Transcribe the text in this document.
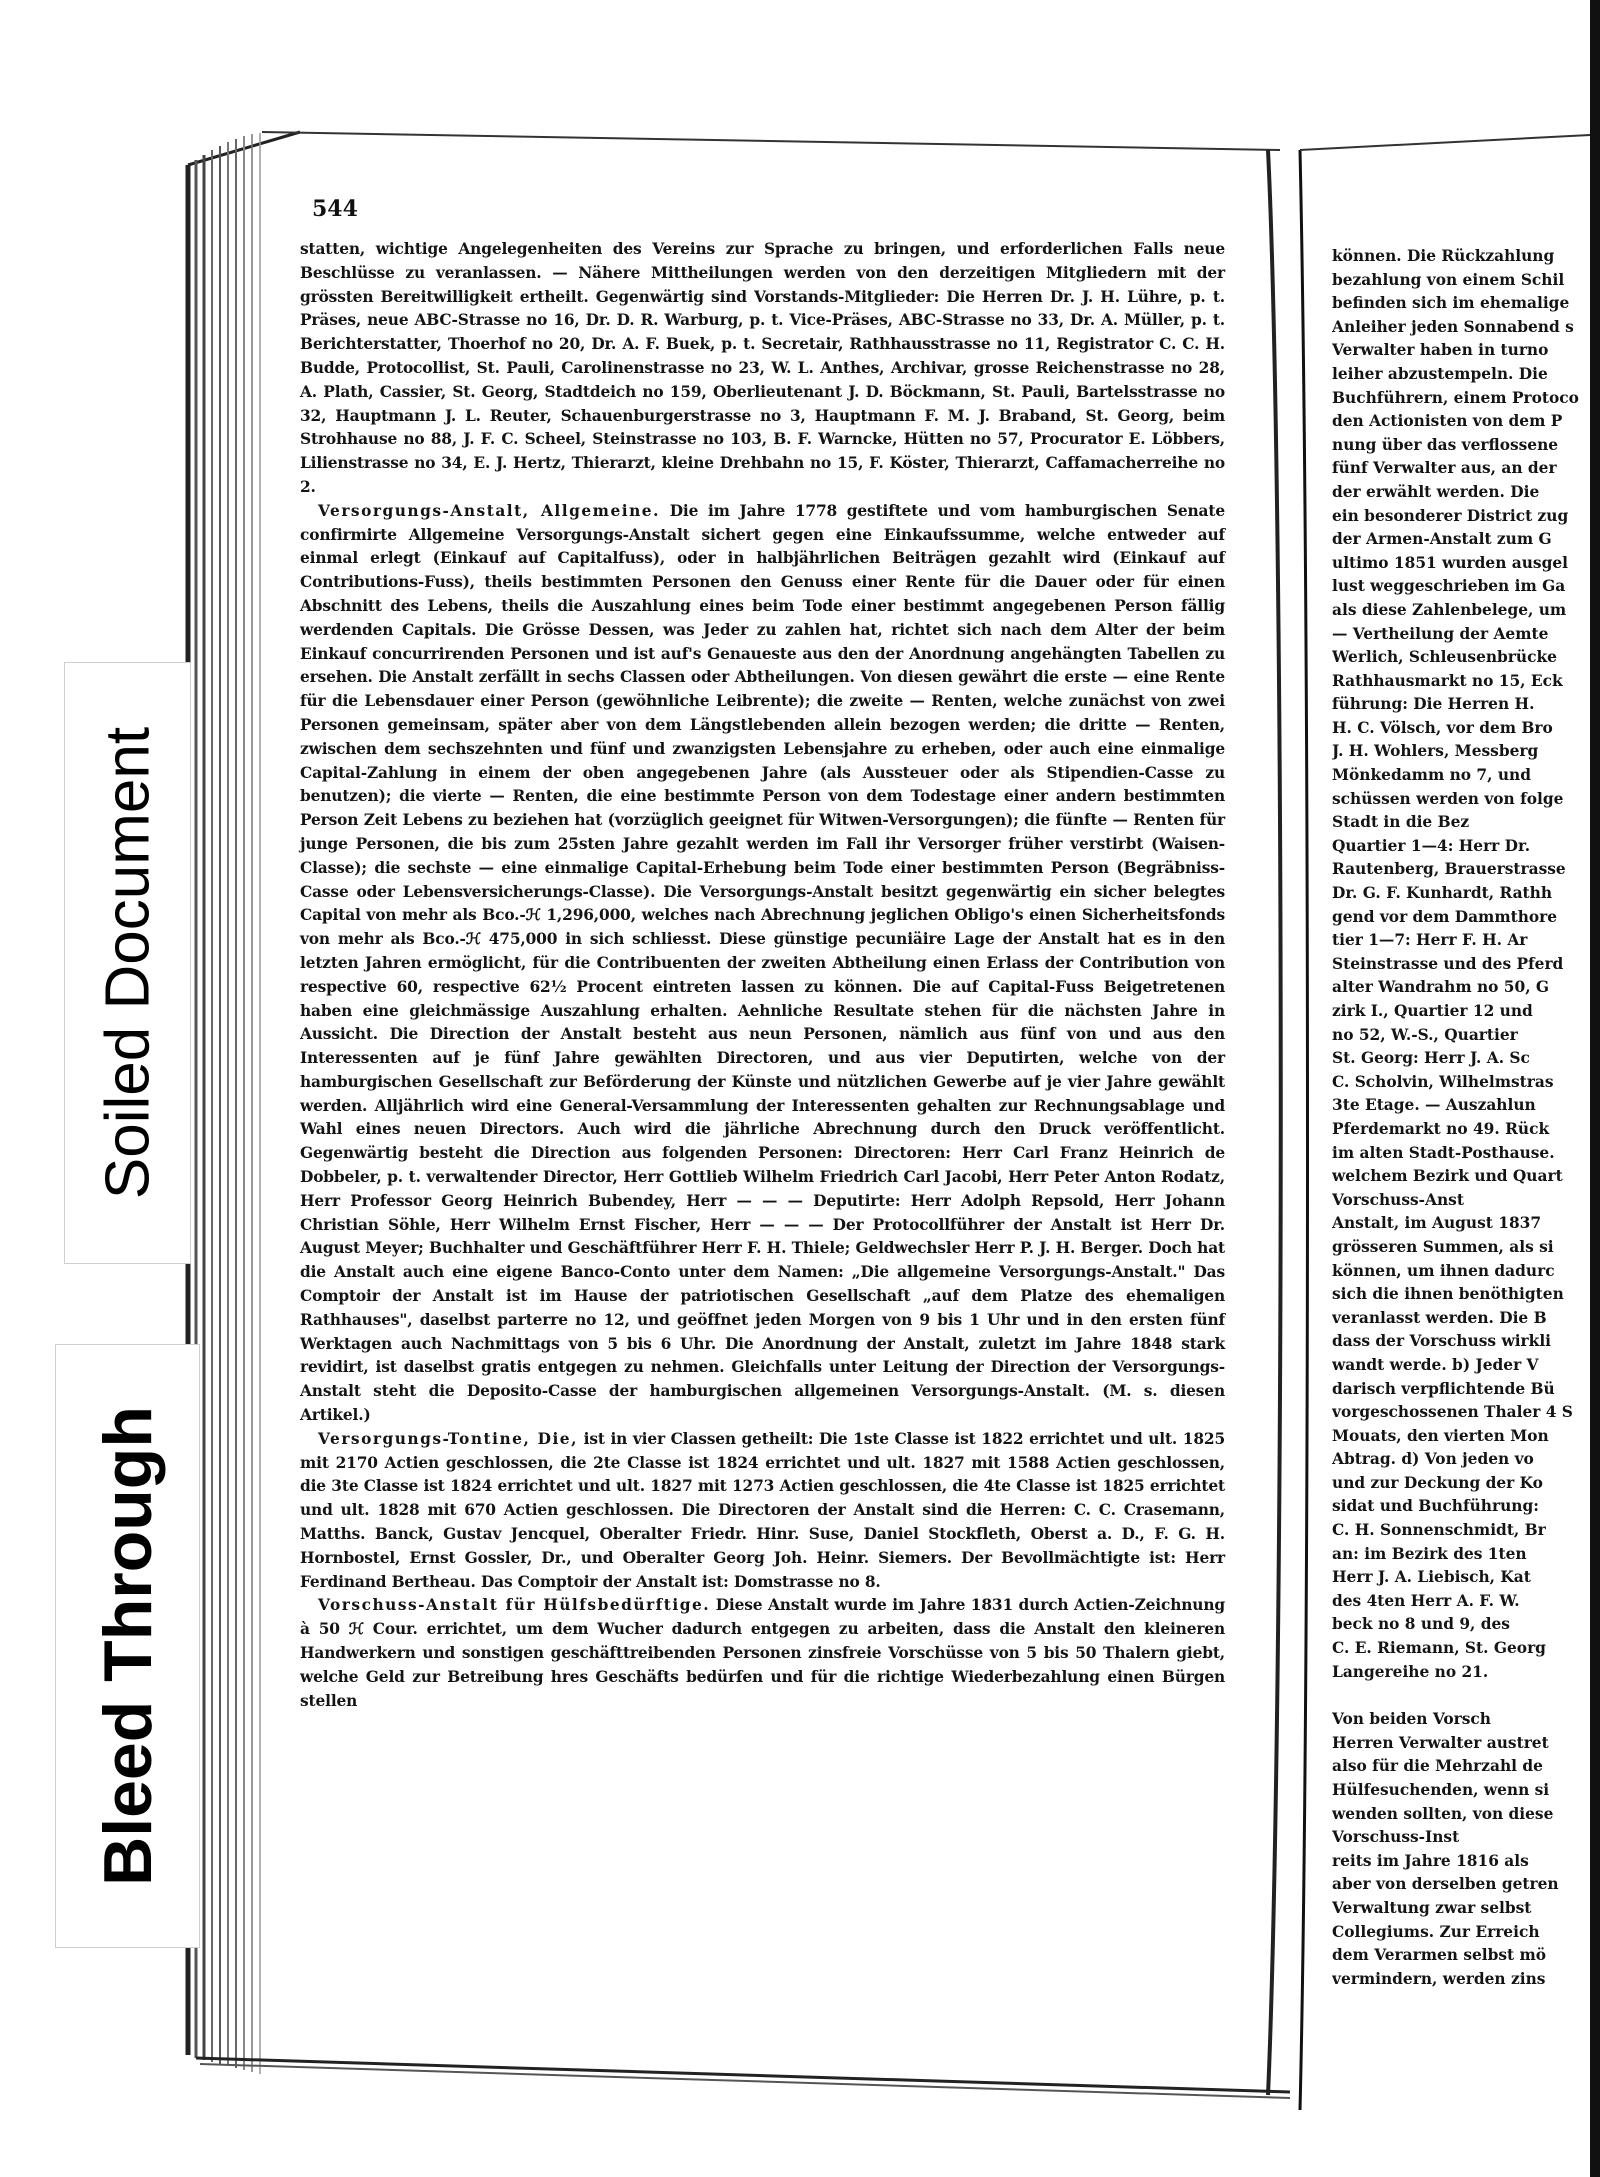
544

statten, wichtige Angelegenheiten des Vereins zur Sprache zu bringen, und erforderlichen Falls neue Beschlüsse zu veranlassen. — Nähere Mittheilungen werden von den derzeitigen Mitgliedern mit der grössten Bereitwilligkeit ertheilt. Gegenwärtig sind Vorstands-Mitglieder: Die Herren Dr. J. H. Lühre, p. t. Präses, neue ABC-Strasse no 16, Dr. D. R. Warburg, p. t. Vice-Präses, ABC-Strasse no 33, Dr. A. Müller, p. t. Berichterstatter, Thoerhof no 20, Dr. A. F. Buek, p. t. Secretair, Rathhausstrasse no 11, Registrator C. C. H. Budde, Protocollist, St. Pauli, Carolinenstrasse no 23, W. L. Anthes, Archivar, grosse Reichenstrasse no 28, A. Plath, Cassier, St. Georg, Stadtdeich no 159, Oberlieutenant J. D. Böckmann, St. Pauli, Bartelsstrasse no 32, Hauptmann J. L. Reuter, Schauenburgerstrasse no 3, Hauptmann F. M. J. Braband, St. Georg, beim Strohhause no 88, J. F. C. Scheel, Steinstrasse no 103, B. F. Warncke, Hütten no 57, Procurator E. Löbbers, Lilienstrasse no 34, E. J. Hertz, Thierarzt, kleine Drehbahn no 15, F. Köster, Thierarzt, Caffamacherreihe no 2.

Versorgungs-Anstalt, Allgemeine. Die im Jahre 1778 gestiftete und vom hamburgischen Senate confirmirte Allgemeine Versorgungs-Anstalt sichert gegen eine Einkaufssumme, welche entweder auf einmal erlegt (Einkauf auf Capitalfuss), oder in halbjährlichen Beiträgen gezahlt wird (Einkauf auf Contributions-Fuss), theils bestimmten Personen den Genuss einer Rente für die Dauer oder für einen Abschnitt des Lebens, theils die Auszahlung eines beim Tode einer bestimmt angegebenen Person fällig werdenden Capitals. Die Grösse Dessen, was Jeder zu zahlen hat, richtet sich nach dem Alter der beim Einkauf concurrirenden Personen und ist auf's Genaueste aus den der Anordnung angehängten Tabellen zu ersehen. Die Anstalt zerfällt in sechs Classen oder Abtheilungen. Von diesen gewährt die erste — eine Rente für die Lebensdauer einer Person (gewöhnliche Leibrente); die zweite — Renten, welche zunächst von zwei Personen gemeinsam, später aber von dem Längstlebenden allein bezogen werden; die dritte — Renten, zwischen dem sechszehnten und fünf und zwanzigsten Lebensjahre zu erheben, oder auch eine einmalige Capital-Zahlung in einem der oben angegebenen Jahre (als Aussteuer oder als Stipendien-Casse zu benutzen); die vierte — Renten, die eine bestimmte Person von dem Todestage einer andern bestimmten Person Zeit Lebens zu beziehen hat (vorzüglich geeignet für Witwen-Versorgungen); die fünfte — Renten für junge Personen, die bis zum 25sten Jahre gezahlt werden im Fall ihr Versorger früher verstirbt (Waisen-Classe); die sechste — eine einmalige Capital-Erhebung beim Tode einer bestimmten Person (Begräbniss-Casse oder Lebensversicherungs-Classe). Die Versorgungs-Anstalt besitzt gegenwärtig ein sicher belegtes Capital von mehr als Bco.-ℋ 1,296,000, welches nach Abrechnung jeglichen Obligo's einen Sicherheitsfonds von mehr als Bco.-ℋ 475,000 in sich schliesst. Diese günstige pecuniäire Lage der Anstalt hat es in den letzten Jahren ermöglicht, für die Contribuenten der zweiten Abtheilung einen Erlass der Contribution von respective 60, respective 62½ Procent eintreten lassen zu können. Die auf Capital-Fuss Beigetretenen haben eine gleichmässige Auszahlung erhalten. Aehnliche Resultate stehen für die nächsten Jahre in Aussicht. Die Direction der Anstalt besteht aus neun Personen, nämlich aus fünf von und aus den Interessenten auf je fünf Jahre gewählten Directoren, und aus vier Deputirten, welche von der hamburgischen Gesellschaft zur Beförderung der Künste und nützlichen Gewerbe auf je vier Jahre gewählt werden. Alljährlich wird eine General-Versammlung der Interessenten gehalten zur Rechnungsablage und Wahl eines neuen Directors. Auch wird die jährliche Abrechnung durch den Druck veröffentlicht. Gegenwärtig besteht die Direction aus folgenden Personen: Directoren: Herr Carl Franz Heinrich de Dobbeler, p. t. verwaltender Director, Herr Gottlieb Wilhelm Friedrich Carl Jacobi, Herr Peter Anton Rodatz, Herr Professor Georg Heinrich Bubendey, Herr — — — Deputirte: Herr Adolph Repsold, Herr Johann Christian Söhle, Herr Wilhelm Ernst Fischer, Herr — — — Der Protocollführer der Anstalt ist Herr Dr. August Meyer; Buchhalter und Geschäftführer Herr F. H. Thiele; Geldwechsler Herr P. J. H. Berger. Doch hat die Anstalt auch eine eigene Banco-Conto unter dem Namen: „Die allgemeine Versorgungs-Anstalt." Das Comptoir der Anstalt ist im Hause der patriotischen Gesellschaft „auf dem Platze des ehemaligen Rathhauses", daselbst parterre no 12, und geöffnet jeden Morgen von 9 bis 1 Uhr und in den ersten fünf Werktagen auch Nachmittags von 5 bis 6 Uhr. Die Anordnung der Anstalt, zuletzt im Jahre 1848 stark revidirt, ist daselbst gratis entgegen zu nehmen. Gleichfalls unter Leitung der Direction der Versorgungs-Anstalt steht die Deposito-Casse der hamburgischen allgemeinen Versorgungs-Anstalt. (M. s. diesen Artikel.)

Versorgungs-Tontine, Die, ist in vier Classen getheilt: Die 1ste Classe ist 1822 errichtet und ult. 1825 mit 2170 Actien geschlossen, die 2te Classe ist 1824 errichtet und ult. 1827 mit 1588 Actien geschlossen, die 3te Classe ist 1824 errichtet und ult. 1827 mit 1273 Actien geschlossen, die 4te Classe ist 1825 errichtet und ult. 1828 mit 670 Actien geschlossen. Die Directoren der Anstalt sind die Herren: C. C. Crasemann, Matths. Banck, Gustav Jencquel, Oberalter Friedr. Hinr. Suse, Daniel Stockfleth, Oberst a. D., F. G. H. Hornbostel, Ernst Gossler, Dr., und Oberalter Georg Joh. Heinr. Siemers. Der Bevollmächtigte ist: Herr Ferdinand Bertheau. Das Comptoir der Anstalt ist: Domstrasse no 8.

Vorschuss-Anstalt für Hülfsbedürftige. Diese Anstalt wurde im Jahre 1831 durch Actien-Zeichnung à 50 ℋ Cour. errichtet, um dem Wucher dadurch entgegen zu arbeiten, dass die Anstalt den kleineren Handwerkern und sonstigen geschäfttreibenden Personen zinsfreie Vorschüsse von 5 bis 50 Thalern giebt, welche Geld zur Betreibung hres Geschäfts bedürfen und für die richtige Wiederbezahlung einen Bürgen stellen

können. Die Rückzahlung
bezahlung von einem Schil
befinden sich im ehemalige
Anleiher jeden Sonnabend s
Verwalter haben in turno
leiher abzustempeln. Die
Buchführern, einem Protoco
den Actionisten von dem P
nung über das verflossene
fünf Verwalter aus, an der
der erwählt werden. Die
ein besonderer District zug
der Armen-Anstalt zum G
ultimo 1851 wurden ausgel
lust weggeschrieben im Ga
als diese Zahlenbelege, um
— Vertheilung der Aemte
Werlich, Schleusenbrücke
Rathhausmarkt no 15, Eck
führung: Die Herren H.
H. C. Völsch, vor dem Bro
J. H. Wohlers, Messberg
Mönkedamm no 7, und
schüssen werden von folge
Stadt in die Bez
Quartier 1—4: Herr Dr.
Rautenberg, Brauerstrasse
Dr. G. F. Kunhardt, Rathh
gend vor dem Dammthore
tier 1—7: Herr F. H. Ar
Steinstrasse und des Pferd
alter Wandrahm no 50, G
zirk I., Quartier 12 und
no 52, W.-S., Quartier
St. Georg: Herr J. A. Sc
C. Scholvin, Wilhelmstras
3te Etage. — Auszahlun
Pferdemarkt no 49. Rück
im alten Stadt-Posthause.
welchem Bezirk und Quart
Vorschuss-Anst
Anstalt, im August 1837
grösseren Summen, als si
können, um ihnen dadurc
sich die ihnen benöthigten
veranlasst werden. Die B
dass der Vorschuss wirkli
wandt werde. b) Jeder V
darisch verpflichtende Bü
vorgeschossenen Thaler 4 S
Mouats, den vierten Mon
Abtrag. d) Von jeden vo
und zur Deckung der Ko
sidat und Buchführung:
C. H. Sonnenschmidt, Br
an: im Bezirk des 1ten
Herr J. A. Liebisch, Kat
des 4ten Herr A. F. W.
beck no 8 und 9, des
C. E. Riemann, St. Georg
Langereihe no 21.
Von beiden Vorsch
Herren Verwalter austret
also für die Mehrzahl de
Hülfesuchenden, wenn si
wenden sollten, von diese
Vorschuss-Inst
reits im Jahre 1816 als
aber von derselben getren
Verwaltung zwar selbst
Collegiums. Zur Erreich
dem Verarmen selbst mö
vermindern, werden zins
Soiled Document
Bleed Through
